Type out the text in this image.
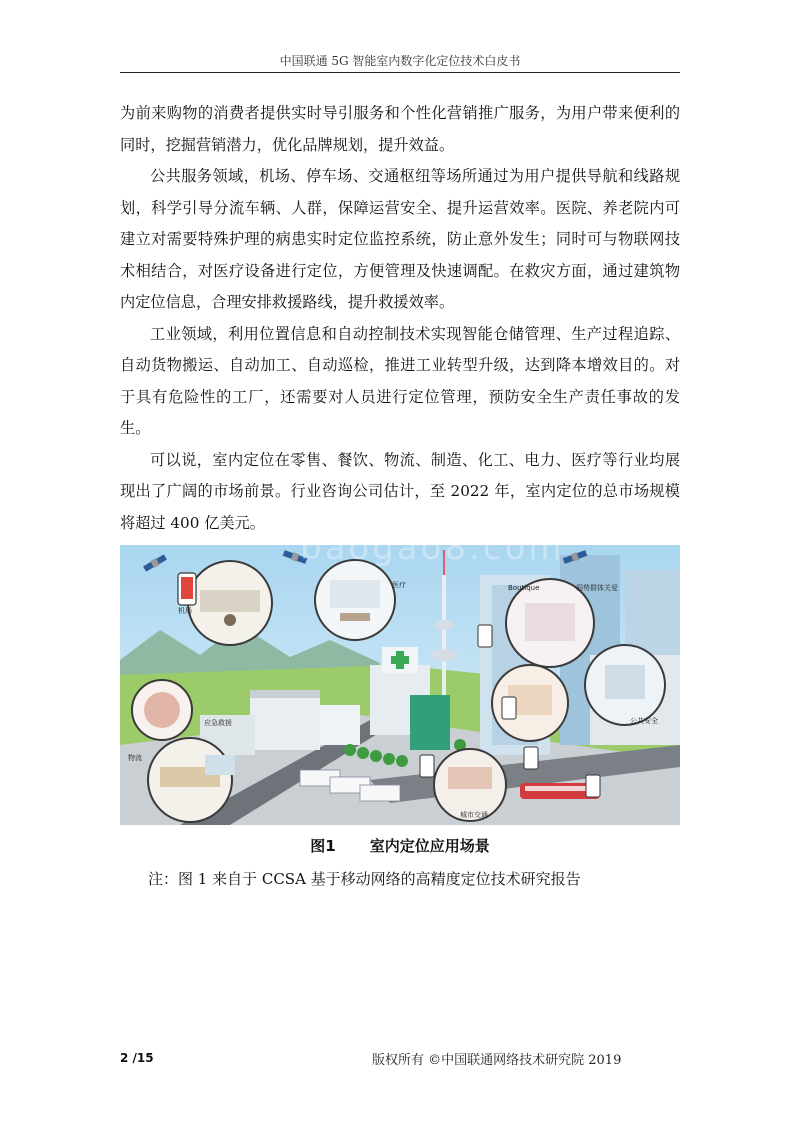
中国联通 5G 智能室内数字化定位技术白皮书

为前来购物的消费者提供实时导引服务和个性化营销推广服务，为用户带来便利的同时，挖掘营销潜力，优化品牌规划，提升效益。

公共服务领域，机场、停车场、交通枢纽等场所通过为用户提供导航和线路规划，科学引导分流车辆、人群，保障运营安全、提升运营效率。医院、养老院内可建立对需要特殊护理的病患实时定位监控系统，防止意外发生；同时可与物联网技术相结合，对医疗设备进行定位，方便管理及快速调配。在救灾方面，通过建筑物内定位信息，合理安排救援路线，提升救援效率。

工业领域，利用位置信息和自动控制技术实现智能仓储管理、生产过程追踪、自动货物搬运、自动加工、自动巡检，推进工业转型升级，达到降本增效目的。对于具有危险性的工厂，还需要对人员进行定位管理，预防安全生产责任事故的发生。

可以说，室内定位在零售、餐饮、物流、制造、化工、电力、医疗等行业均展现出了广阔的市场前景。行业咨询公司估计，至 2022 年，室内定位的总市场规模将超过 400 亿美元。

机场
医疗
应急救援
物流
弱势群体关爱
公共安全
城市交通
Boutique
baogao8.com
图1 室内定位应用场景
注：图 1 来自于 CCSA 基于移动网络的高精度定位技术研究报告
2 /15	版权所有 ©中国联通网络技术研究院 2019
